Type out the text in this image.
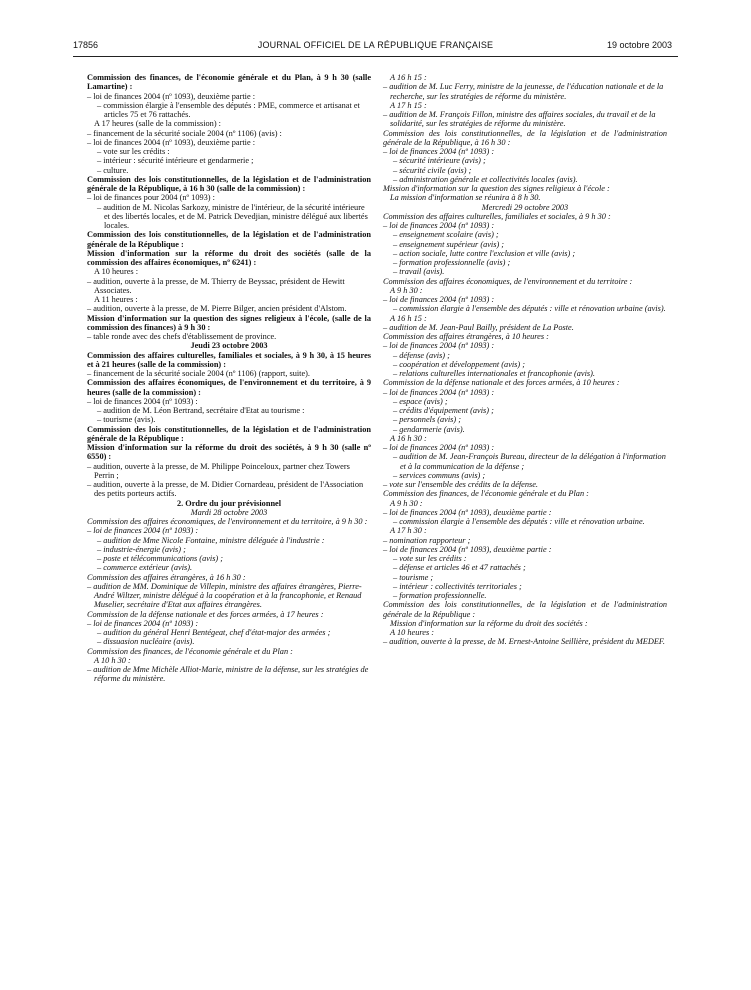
17856	JOURNAL OFFICIEL DE LA RÉPUBLIQUE FRANÇAISE	19 octobre 2003

Commission des finances, de l'économie générale et du Plan, à 9 h 30 (salle Lamartine) :

– loi de finances 2004 (nº 1093), deuxième partie :

– commission élargie à l'ensemble des députés : PME, commerce et artisanat et articles 75 et 76 rattachés.

A 17 heures (salle de la commission) :

– financement de la sécurité sociale 2004 (nº 1106) (avis) :

– loi de finances 2004 (nº 1093), deuxième partie :

– vote sur les crédits :

– intérieur : sécurité intérieure et gendarmerie ;

– culture.

Commission des lois constitutionnelles, de la législation et de l'administration générale de la République, à 16 h 30 (salle de la commission) :

– loi de finances pour 2004 (nº 1093) :

– audition de M. Nicolas Sarkozy, ministre de l'intérieur, de la sécurité intérieure et des libertés locales, et de M. Patrick Devedjian, ministre délégué aux libertés locales.

Commission des lois constitutionnelles, de la législation et de l'administration générale de la République :

Mission d'information sur la réforme du droit des sociétés (salle de la commission des affaires économiques, nº 6241) :

A 10 heures :

– audition, ouverte à la presse, de M. Thierry de Beyssac, président de Hewitt Associates.

A 11 heures :

– audition, ouverte à la presse, de M. Pierre Bilger, ancien président d'Alstom.

Mission d'information sur la question des signes religieux à l'école, (salle de la commission des finances) à 9 h 30 :

– table ronde avec des chefs d'établissement de province.

Jeudi 23 octobre 2003

Commission des affaires culturelles, familiales et sociales, à 9 h 30, à 15 heures et à 21 heures (salle de la commission) :

– financement de la sécurité sociale 2004 (nº 1106) (rapport, suite).

Commission des affaires économiques, de l'environnement et du territoire, à 9 heures (salle de la commission) :

– loi de finances 2004 (nº 1093) :

– audition de M. Léon Bertrand, secrétaire d'Etat au tourisme :

– tourisme (avis).

Commission des lois constitutionnelles, de la législation et de l'administration générale de la République :

Mission d'information sur la réforme du droit des sociétés, à 9 h 30 (salle nº 6550) :

– audition, ouverte à la presse, de M. Philippe Poinceloux, partner chez Towers Perrin ;

– audition, ouverte à la presse, de M. Didier Cornardeau, président de l'Association des petits porteurs actifs.

2. Ordre du jour prévisionnel

Mardi 28 octobre 2003

Commission des affaires économiques, de l'environnement et du territoire, à 9 h 30 :

– loi de finances 2004 (nº 1093) :

– audition de Mme Nicole Fontaine, ministre déléguée à l'industrie :

– industrie-énergie (avis) ;

– poste et télécommunications (avis) ;

– commerce extérieur (avis).

Commission des affaires étrangères, à 16 h 30 :

– audition de MM. Dominique de Villepin, ministre des affaires étrangères, Pierre-André Wiltzer, ministre délégué à la coopération et à la francophonie, et Renaud Muselier, secrétaire d'Etat aux affaires étrangères.

Commission de la défense nationale et des forces armées, à 17 heures :

– loi de finances 2004 (nº 1093) :

– audition du général Henri Bentégeat, chef d'état-major des armées ;

– dissuasion nucléaire (avis).

Commission des finances, de l'économie générale et du Plan :

A 10 h 30 :

– audition de Mme Michèle Alliot-Marie, ministre de la défense, sur les stratégies de réforme du ministère.

A 16 h 15 :

– audition de M. Luc Ferry, ministre de la jeunesse, de l'éducation nationale et de la recherche, sur les stratégies de réforme du ministère.

A 17 h 15 :

– audition de M. François Fillon, ministre des affaires sociales, du travail et de la solidarité, sur les stratégies de réforme du ministère.

Commission des lois constitutionnelles, de la législation et de l'administration générale de la République, à 16 h 30 :

– loi de finances 2004 (nº 1093) :

– sécurité intérieure (avis) ;

– sécurité civile (avis) ;

– administration générale et collectivités locales (avis).

Mission d'information sur la question des signes religieux à l'école :

La mission d'information se réunira à 8 h 30.

Mercredi 29 octobre 2003

Commission des affaires culturelles, familiales et sociales, à 9 h 30 :

– loi de finances 2004 (nº 1093) :

– enseignement scolaire (avis) ;

– enseignement supérieur (avis) ;

– action sociale, lutte contre l'exclusion et ville (avis) ;

– formation professionnelle (avis) ;

– travail (avis).

Commission des affaires économiques, de l'environnement et du territoire :

A 9 h 30 :

– loi de finances 2004 (nº 1093) :

– commission élargie à l'ensemble des députés : ville et rénovation urbaine (avis).

A 16 h 15 :

– audition de M. Jean-Paul Bailly, président de La Poste.

Commission des affaires étrangères, à 10 heures :

– loi de finances 2004 (nº 1093) :

– défense (avis) ;

– coopération et développement (avis) ;

– relations culturelles internationales et francophonie (avis).

Commission de la défense nationale et des forces armées, à 10 heures :

– loi de finances 2004 (nº 1093) :

– espace (avis) ;

– crédits d'équipement (avis) ;

– personnels (avis) ;

– gendarmerie (avis).

A 16 h 30 :

– loi de finances 2004 (nº 1093) :

– audition de M. Jean-François Bureau, directeur de la délégation à l'information et à la communication de la défense ;

– services communs (avis) ;

– vote sur l'ensemble des crédits de la défense.

Commission des finances, de l'économie générale et du Plan :

A 9 h 30 :

– loi de finances 2004 (nº 1093), deuxième partie :

– commission élargie à l'ensemble des députés : ville et rénovation urbaine.

A 17 h 30 :

– nomination rapporteur ;

– loi de finances 2004 (nº 1093), deuxième partie :

– vote sur les crédits :

– défense et articles 46 et 47 rattachés ;

– tourisme ;

– intérieur : collectivités territoriales ;

– formation professionnelle.

Commission des lois constitutionnelles, de la législation et de l'administration générale de la République :

Mission d'information sur la réforme du droit des sociétés :

A 10 heures :

– audition, ouverte à la presse, de M. Ernest-Antoine Seillière, président du MEDEF.
